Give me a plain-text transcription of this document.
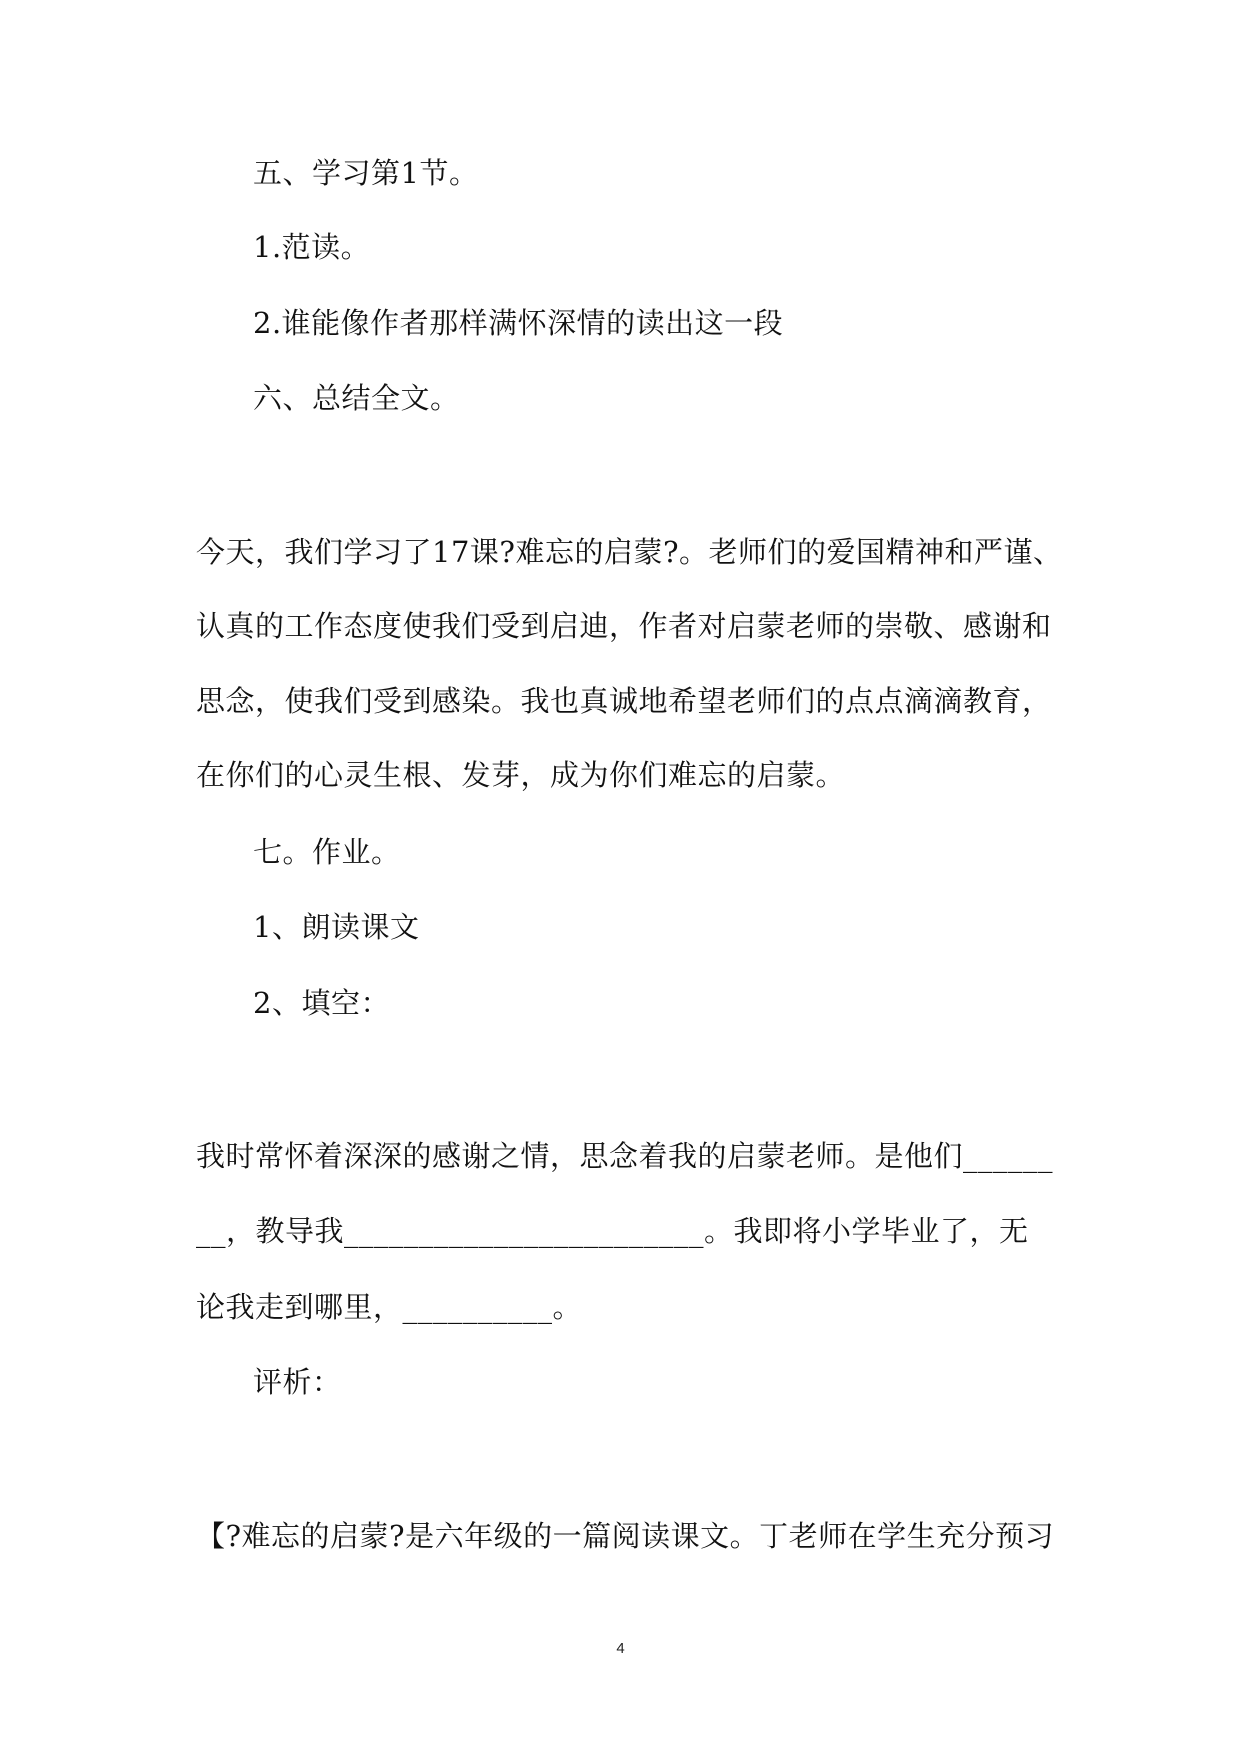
五、学习第1节。
1.范读。
2.谁能像作者那样满怀深情的读出这一段
六、总结全文。
今天，我们学习了17课?难忘的启蒙?。老师们的爱国精神和严谨、
认真的工作态度使我们受到启迪，作者对启蒙老师的崇敬、感谢和
思念，使我们受到感染。我也真诚地希望老师们的点点滴滴教育，
在你们的心灵生根、发芽，成为你们难忘的启蒙。
七。作业。
1、朗读课文
2、填空：
我时常怀着深深的感谢之情，思念着我的启蒙老师。是他们______
__，教导我________________________。我即将小学毕业了，无
论我走到哪里，__________。
评析：
【?难忘的启蒙?是六年级的一篇阅读课文。丁老师在学生充分预习
4
